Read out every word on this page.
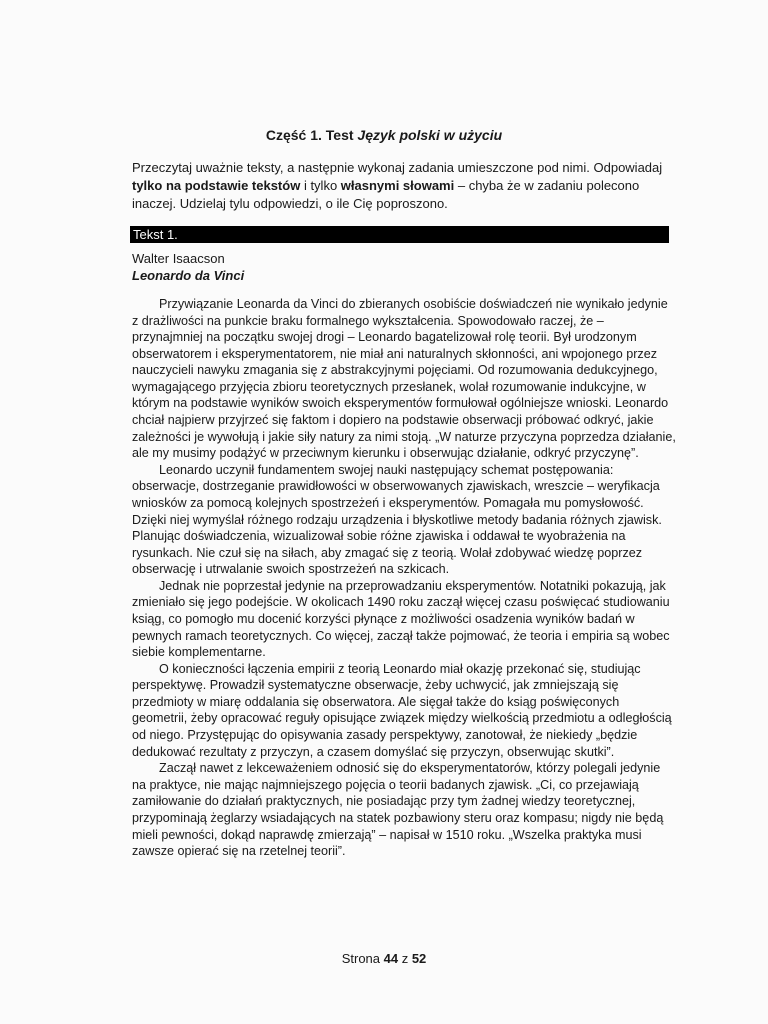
Część 1. Test Język polski w użyciu
Przeczytaj uważnie teksty, a następnie wykonaj zadania umieszczone pod nimi. Odpowiadaj tylko na podstawie tekstów i tylko własnymi słowami – chyba że w zadaniu polecono inaczej. Udzielaj tylu odpowiedzi, o ile Cię poproszono.
Tekst 1.
Walter Isaacson
Leonardo da Vinci

Przywiązanie Leonarda da Vinci do zbieranych osobiście doświadczeń nie wynikało jedynie z drażliwości na punkcie braku formalnego wykształcenia. Spowodowało raczej, że – przynajmniej na początku swojej drogi – Leonardo bagatelizował rolę teorii. Był urodzonym obserwatorem i eksperymentatorem, nie miał ani naturalnych skłonności, ani wpojonego przez nauczycieli nawyku zmagania się z abstrakcyjnymi pojęciami. Od rozumowania dedukcyjnego, wymagającego przyjęcia zbioru teoretycznych przesłanek, wolał rozumowanie indukcyjne, w którym na podstawie wyników swoich eksperymentów formułował ogólniejsze wnioski. Leonardo chciał najpierw przyjrzeć się faktom i dopiero na podstawie obserwacji próbować odkryć, jakie zależności je wywołują i jakie siły natury za nimi stoją. „W naturze przyczyna poprzedza działanie, ale my musimy podążyć w przeciwnym kierunku i obserwując działanie, odkryć przyczynę”.

Leonardo uczynił fundamentem swojej nauki następujący schemat postępowania: obserwacje, dostrzeganie prawidłowości w obserwowanych zjawiskach, wreszcie – weryfikacja wniosków za pomocą kolejnych spostrzeżeń i eksperymentów. Pomagała mu pomysłowość. Dzięki niej wymyślał różnego rodzaju urządzenia i błyskotliwe metody badania różnych zjawisk. Planując doświadczenia, wizualizował sobie różne zjawiska i oddawał te wyobrażenia na rysunkach. Nie czuł się na siłach, aby zmagać się z teorią. Wolał zdobywać wiedzę poprzez obserwację i utrwalanie swoich spostrzeżeń na szkicach.

Jednak nie poprzestał jedynie na przeprowadzaniu eksperymentów. Notatniki pokazują, jak zmieniało się jego podejście. W okolicach 1490 roku zaczął więcej czasu poświęcać studiowaniu ksiąg, co pomogło mu docenić korzyści płynące z możliwości osadzenia wyników badań w pewnych ramach teoretycznych. Co więcej, zaczął także pojmować, że teoria i empiria są wobec siebie komplementarne.

O konieczności łączenia empirii z teorią Leonardo miał okazję przekonać się, studiując perspektywę. Prowadził systematyczne obserwacje, żeby uchwycić, jak zmniejszają się przedmioty w miarę oddalania się obserwatora. Ale sięgał także do ksiąg poświęconych geometrii, żeby opracować reguły opisujące związek między wielkością przedmiotu a odległością od niego. Przystępując do opisywania zasady perspektywy, zanotował, że niekiedy „będzie dedukować rezultaty z przyczyn, a czasem domyślać się przyczyn, obserwując skutki”.

Zaczął nawet z lekceważeniem odnosić się do eksperymentatorów, którzy polegali jedynie na praktyce, nie mając najmniejszego pojęcia o teorii badanych zjawisk. „Ci, co przejawiają zamiłowanie do działań praktycznych, nie posiadając przy tym żadnej wiedzy teoretycznej, przypominają żeglarzy wsiadających na statek pozbawiony steru oraz kompasu; nigdy nie będą mieli pewności, dokąd naprawdę zmierzają” – napisał w 1510 roku. „Wszelka praktyka musi zawsze opierać się na rzetelnej teorii”.

Strona 44 z 52
